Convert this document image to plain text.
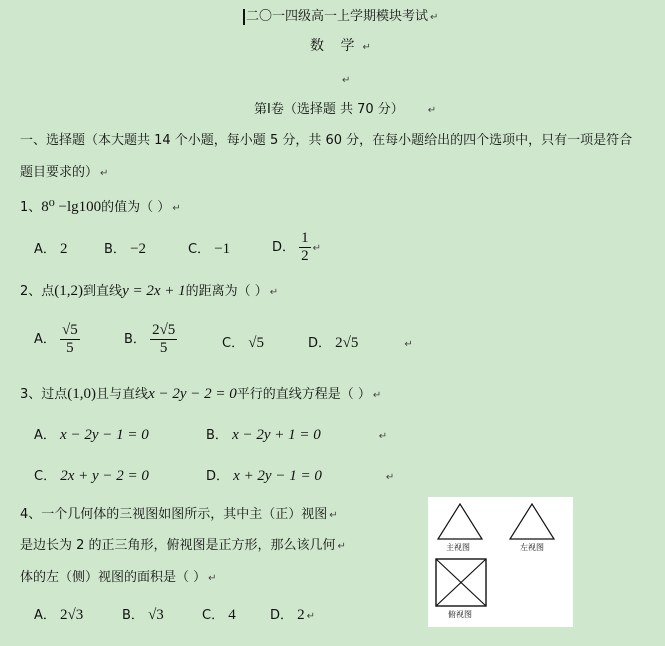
二〇一四级高一上学期模块考试 ↵
数 学 ↵
↵
第Ⅰ卷（选择题 共 70 分） ↵
一、选择题（本大题共 14 个小题，每小题 5 分，共 60 分，在每小题给出的四个选项中，只有一项是符合
题目要求的） ↵
1、8⁰ −lg100的值为（ ） ↵
A． 2	B． −2	C． −1	D． $\frac{1}{2}$ ↵
2、点(1,2)到直线y = 2x + 1的距离为（ ） ↵
A． $\frac{√5}{5}$	B． $\frac{2√5}{5}$	C． √5	D． 2√5	↵
3、过点(1,0)且与直线x − 2y − 2 = 0平行的直线方程是（ ） ↵
A． x − 2y − 1 = 0	B． x − 2y + 1 = 0	↵
C． 2x + y − 2 = 0	D． x + 2y − 1 = 0	↵
4、一个几何体的三视图如图所示，其中主（正）视图 ↵
是边长为 2 的正三角形，俯视图是正方形，那么该几何 ↵
体的左（侧）视图的面积是（ ） ↵
A． 2√3	B． √3	C． 4	D． 2 ↵
主视图	左视图
俯视图
